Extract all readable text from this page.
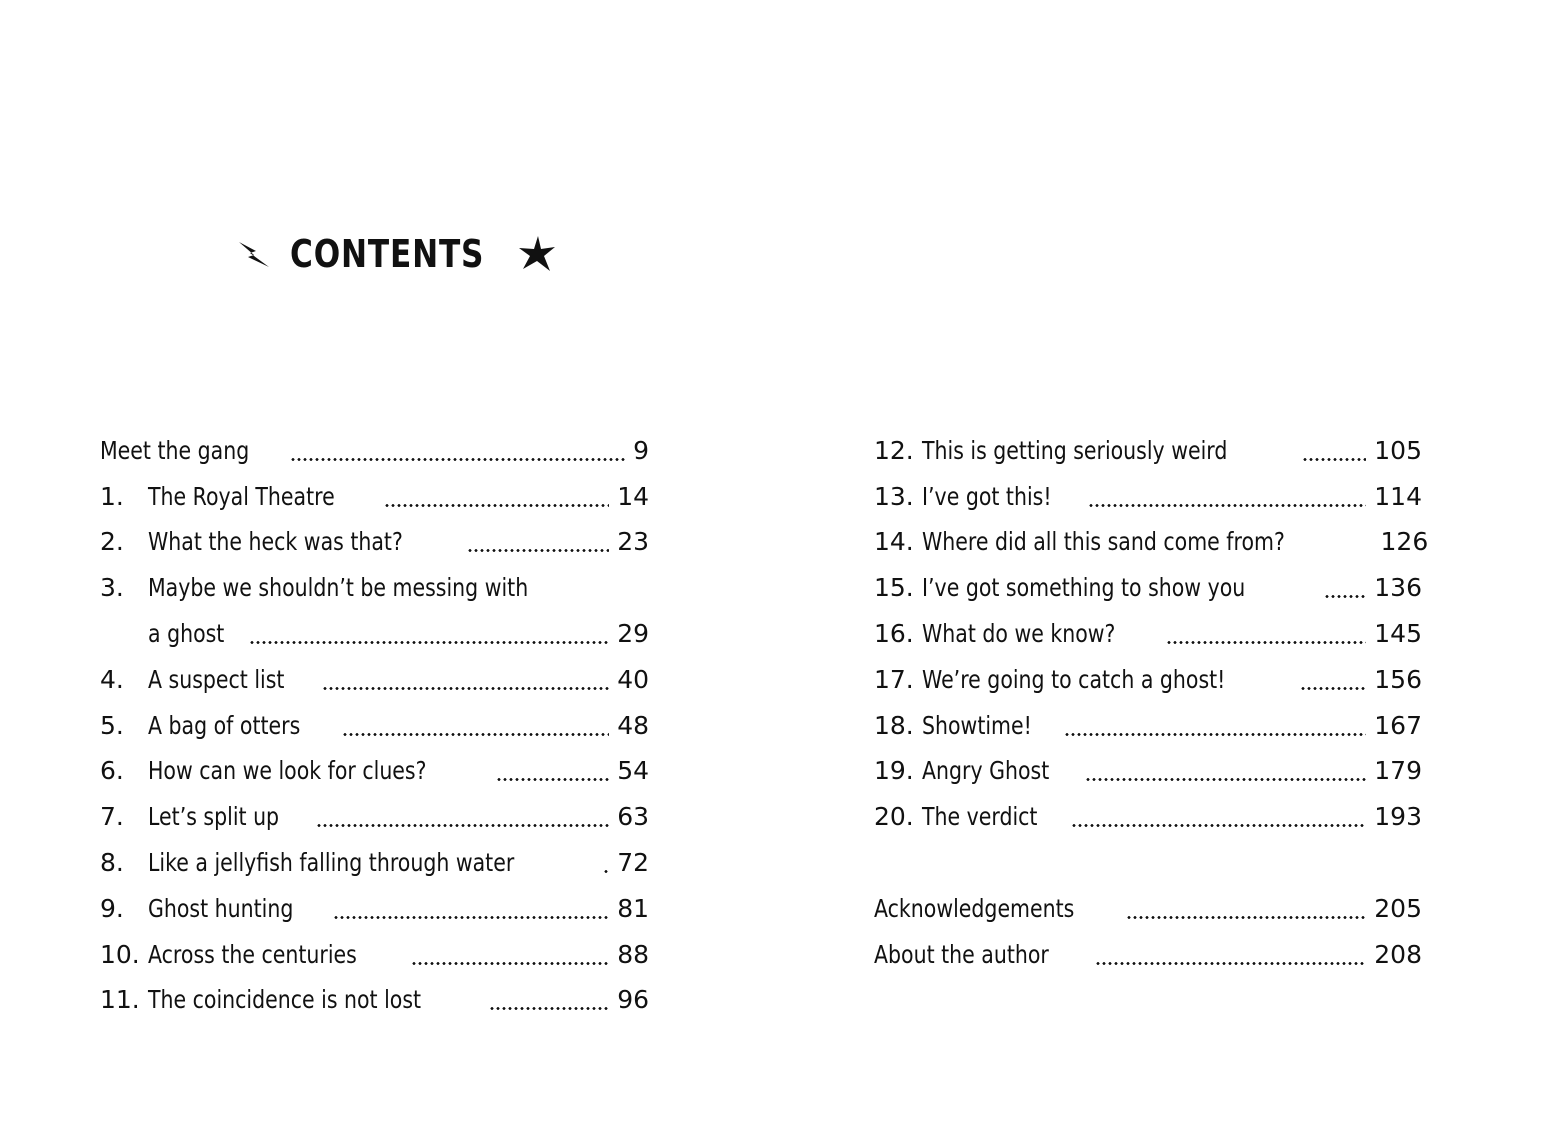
CONTENTS
Meet the gang	9
1. The Royal Theatre	14
2. What the heck was that?	23
3. Maybe we shouldn’t be messing with
a ghost	29
4. A suspect list	40
5. A bag of otters	48
6. How can we look for clues?	54
7. Let’s split up	63
8. Like a jellyfish falling through water	72
9. Ghost hunting	81
10. Across the centuries	88
11. The coincidence is not lost	96
12. This is getting seriously weird	105
13. I’ve got this!	114
14. Where did all this sand come from?	126
15. I’ve got something to show you	136
16. What do we know?	145
17. We’re going to catch a ghost!	156
18. Showtime!	167
19. Angry Ghost	179
20. The verdict	193
Acknowledgements	205
About the author	208
